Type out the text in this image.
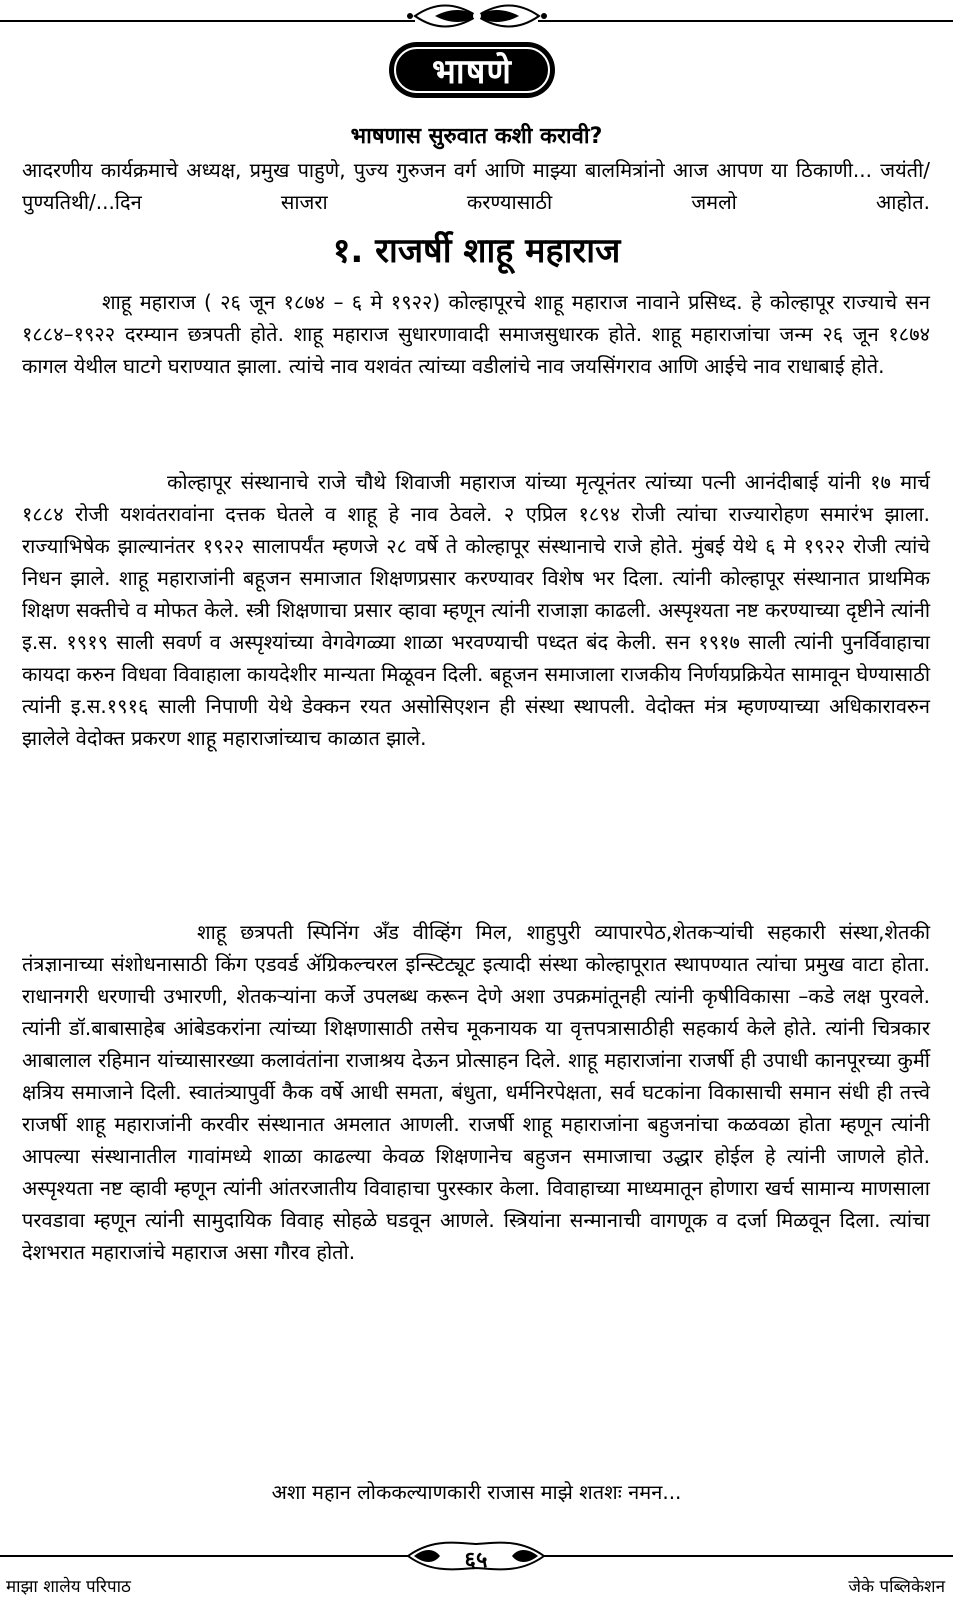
भाषणे
भाषणास सुरुवात कशी करावी?
आदरणीय कार्यक्रमाचे अध्यक्ष, प्रमुख पाहुणे, पुज्य गुरुजन वर्ग आणि माझ्या बालमित्रांनो आज आपण या ठिकाणी... जयंती/ पुण्यतिथी/...दिन साजरा करण्यासाठी जमलो आहोत.
१. राजर्षी शाहू महाराज
शाहू महाराज ( २६ जून १८७४ – ६ मे १९२२) कोल्हापूरचे शाहू महाराज नावाने प्रसिध्द. हे कोल्हापूर राज्याचे सन १८८४–१९२२ दरम्यान छत्रपती होते. शाहू महाराज सुधारणावादी समाजसुधारक होते. शाहू महाराजांचा जन्म २६ जून १८७४ कागल येथील घाटगे घराण्यात झाला. त्यांचे नाव यशवंत त्यांच्या वडीलांचे नाव जयसिंगराव आणि आईचे नाव राधाबाई होते.
कोल्हापूर संस्थानाचे राजे चौथे शिवाजी महाराज यांच्या मृत्यूनंतर त्यांच्या पत्नी आनंदीबाई यांनी १७ मार्च १८८४ रोजी यशवंतरावांना दत्तक घेतले व शाहू हे नाव ठेवले. २ एप्रिल १८९४ रोजी त्यांचा राज्यारोहण समारंभ झाला. राज्याभिषेक झाल्यानंतर १९२२ सालापर्यंत म्हणजे २८ वर्षे ते कोल्हापूर संस्थानाचे राजे होते. मुंबई येथे ६ मे १९२२ रोजी त्यांचे निधन झाले. शाहू महाराजांनी बहूजन समाजात शिक्षणप्रसार करण्यावर विशेष भर दिला. त्यांनी कोल्हापूर संस्थानात प्राथमिक शिक्षण सक्तीचे व मोफत केले. स्त्री शिक्षणाचा प्रसार व्हावा म्हणून त्यांनी राजाज्ञा काढली. अस्पृश्यता नष्ट करण्याच्या दृष्टीने त्यांनी इ.स. १९१९ साली सवर्ण व अस्पृश्यांच्या वेगवेगळ्या शाळा भरवण्याची पध्दत बंद केली. सन १९१७ साली त्यांनी पुनर्विवाहाचा कायदा करुन विधवा विवाहाला कायदेशीर मान्यता मिळूवन दिली. बहूजन समाजाला राजकीय निर्णयप्रक्रियेत सामावून घेण्यासाठी त्यांनी इ.स.१९१६ साली निपाणी येथे डेक्कन रयत असोसिएशन ही संस्था स्थापली. वेदोक्त मंत्र म्हणण्याच्या अधिकारावरुन झालेले वेदोक्त प्रकरण शाहू महाराजांच्याच काळात झाले.
शाहू छत्रपती स्पिनिंग अँड वीव्हिंग मिल, शाहुपुरी व्यापारपेठ,शेतकऱ्यांची सहकारी संस्था,शेतकी तंत्रज्ञानाच्या संशोधनासाठी किंग एडवर्ड ॲग्रिकल्चरल इन्स्टिट्यूट इत्यादी संस्था कोल्हापूरात स्थापण्यात त्यांचा प्रमुख वाटा होता. राधानगरी धरणाची उभारणी, शेतकऱ्यांना कर्जे उपलब्ध करून देणे अशा उपक्रमांतूनही त्यांनी कृषीविकासा –कडे लक्ष पुरवले. त्यांनी डॉ.बाबासाहेब आंबेडकरांना त्यांच्या शिक्षणासाठी तसेच मूकनायक या वृत्तपत्रासाठीही सहकार्य केले होते. त्यांनी चित्रकार आबालाल रहिमान यांच्यासारख्या कलावंतांना राजाश्रय देऊन प्रोत्साहन दिले. शाहू महाराजांना राजर्षी ही उपाधी कानपूरच्या कुर्मी क्षत्रिय समाजाने दिली. स्वातंत्र्यापुर्वी कैक वर्षे आधी समता, बंधुता, धर्मनिरपेक्षता, सर्व घटकांना विकासाची समान संधी ही तत्त्वे राजर्षी शाहू महाराजांनी करवीर संस्थानात अमलात आणली. राजर्षी शाहू महाराजांना बहुजनांचा कळवळा होता म्हणून त्यांनी आपल्या संस्थानातील गावांमध्ये शाळा काढल्या केवळ शिक्षणानेच बहुजन समाजाचा उद्धार होईल हे त्यांनी जाणले होते. अस्पृश्यता नष्ट व्हावी म्हणून त्यांनी आंतरजातीय विवाहाचा पुरस्कार केला. विवाहाच्या माध्यमातून होणारा खर्च सामान्य माणसाला परवडावा म्हणून त्यांनी सामुदायिक विवाह सोहळे घडवून आणले. स्त्रियांना सन्मानाची वागणूक व दर्जा मिळवून दिला. त्यांचा देशभरात महाराजांचे महाराज असा गौरव होतो.
अशा महान लोककल्याणकारी राजास माझे शतशः नमन...
६५
माझा शालेय परिपाठ	जेके पब्लिकेशन
